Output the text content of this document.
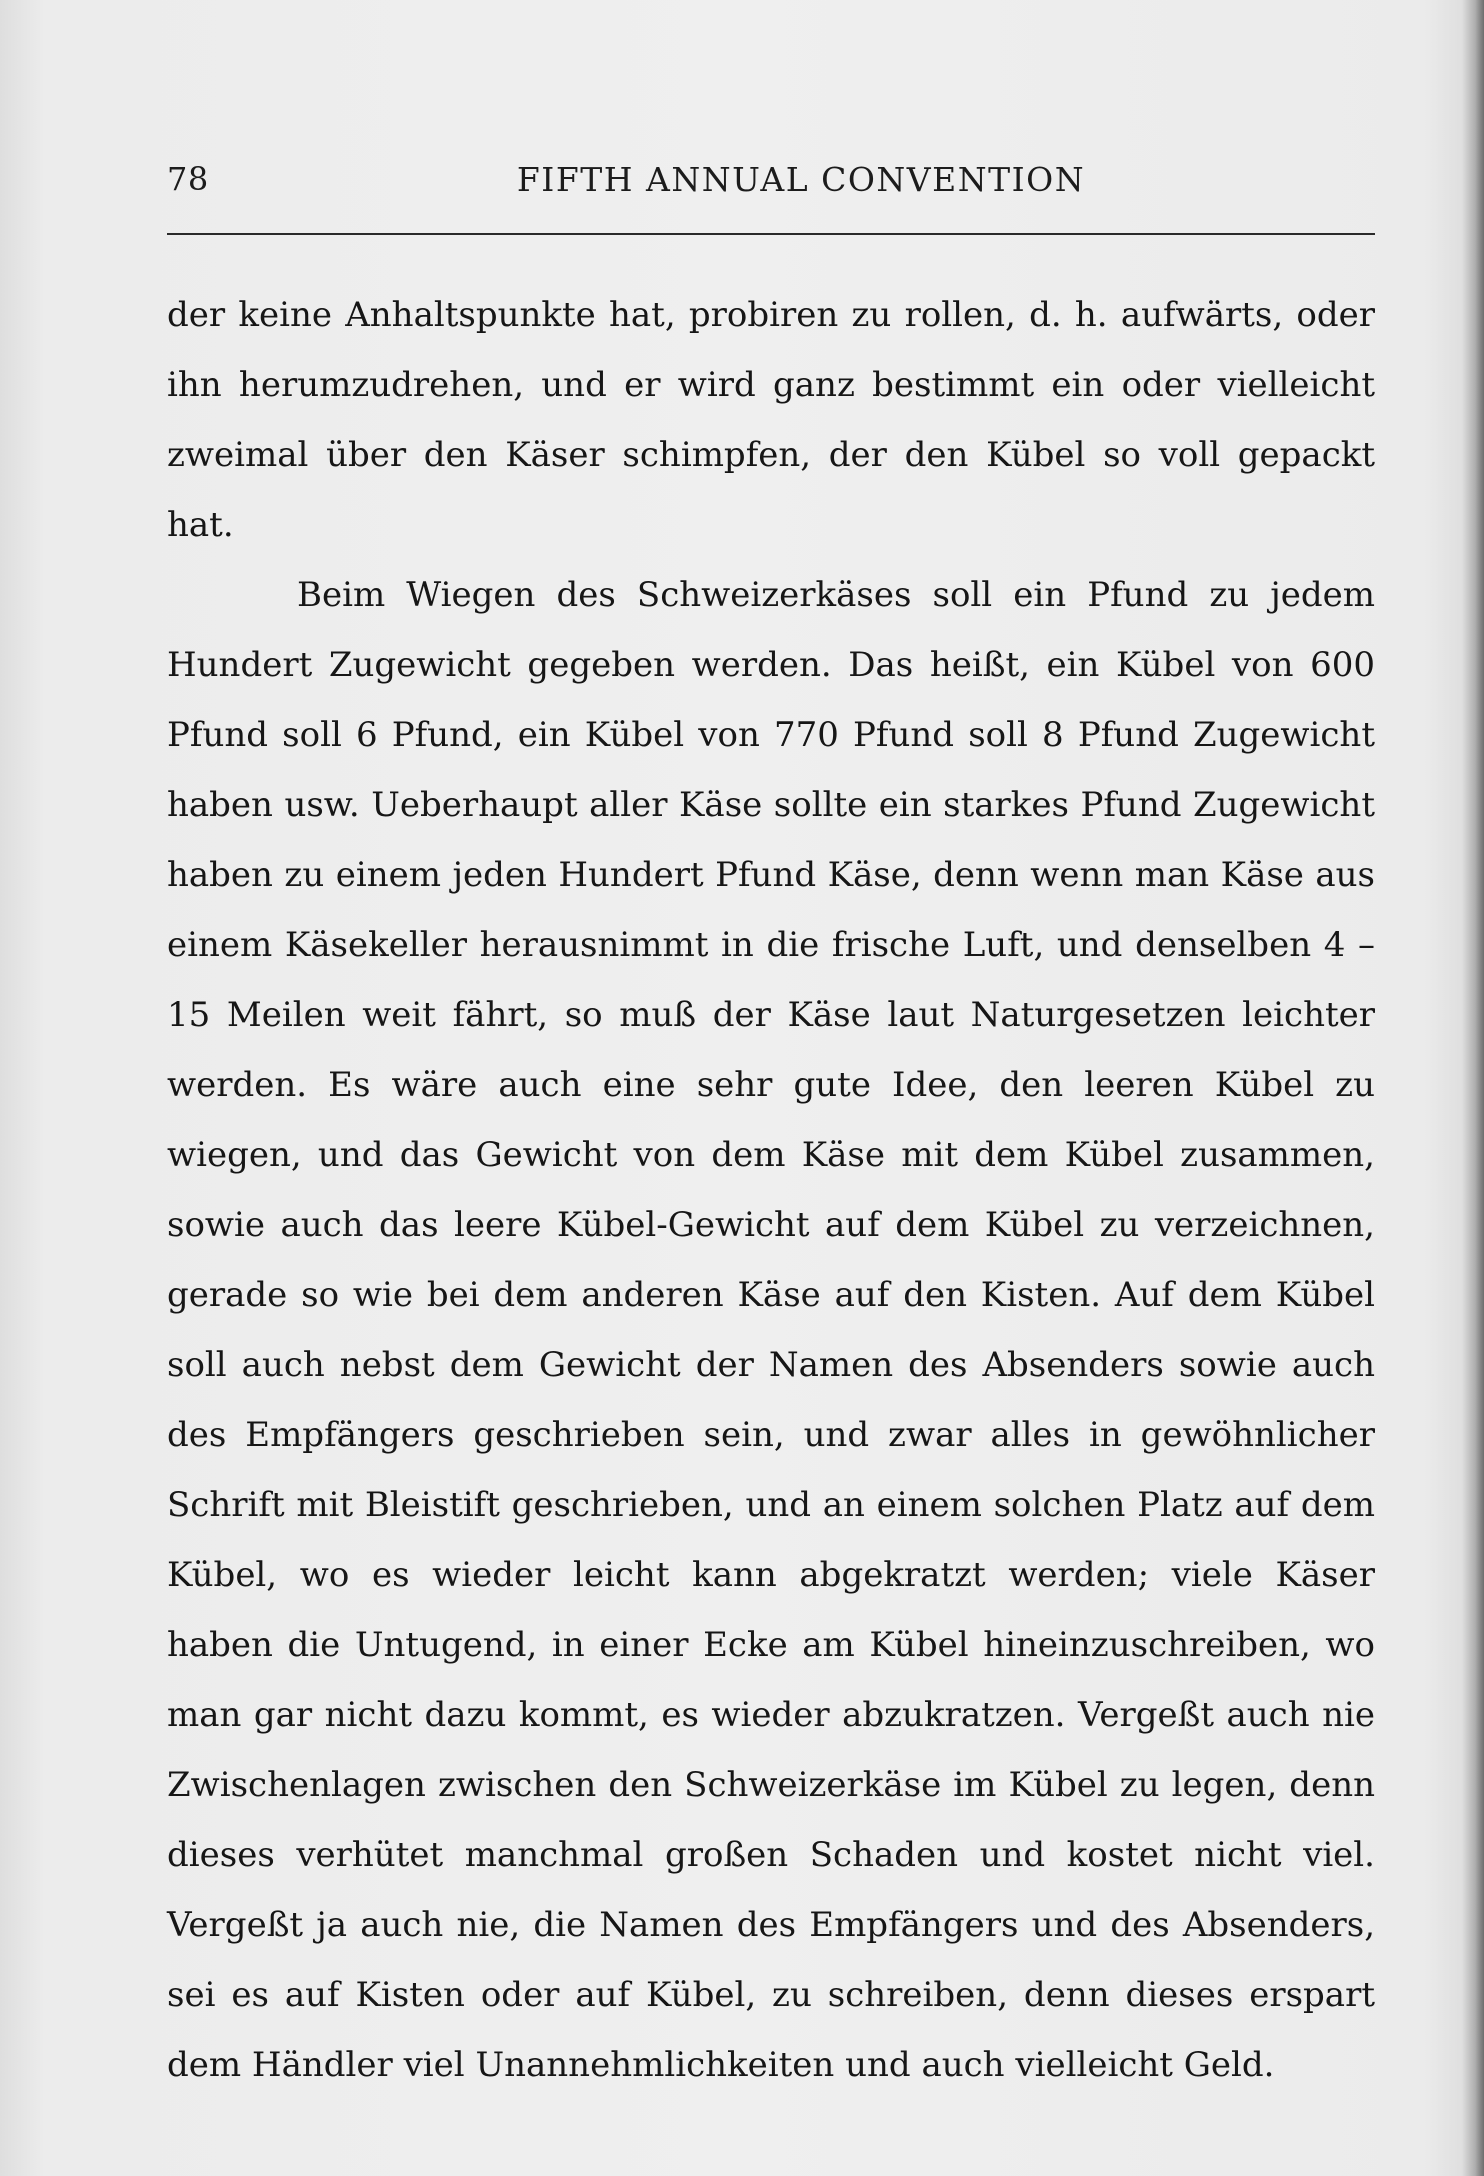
78	FIFTH ANNUAL CONVENTION

der keine Anhaltspunkte hat, probiren zu rollen, d. h. aufwärts, oder ihn herumzudrehen, und er wird ganz bestimmt ein oder vielleicht zweimal über den Käser schimpfen, der den Kübel so voll gepackt hat.

Beim Wiegen des Schweizerkäses soll ein Pfund zu jedem Hundert Zugewicht gegeben werden. Das heißt, ein Kübel von 600 Pfund soll 6 Pfund, ein Kübel von 770 Pfund soll 8 Pfund Zugewicht haben usw. Ueberhaupt aller Käse sollte ein starkes Pfund Zugewicht haben zu einem jeden Hundert Pfund Käse, denn wenn man Käse aus einem Käsekeller herausnimmt in die frische Luft, und denselben 4 –15 Meilen weit fährt, so muß der Käse laut Naturgesetzen leichter werden. Es wäre auch eine sehr gute Idee, den leeren Kübel zu wiegen, und das Gewicht von dem Käse mit dem Kübel zusammen, sowie auch das leere Kübel-Gewicht auf dem Kübel zu verzeichnen, gerade so wie bei dem anderen Käse auf den Kisten. Auf dem Kübel soll auch nebst dem Gewicht der Namen des Absenders sowie auch des Empfängers geschrieben sein, und zwar alles in gewöhnlicher Schrift mit Bleistift geschrieben, und an einem solchen Platz auf dem Kübel, wo es wieder leicht kann abgekratzt werden; viele Käser haben die Untugend, in einer Ecke am Kübel hineinzuschreiben, wo man gar nicht dazu kommt, es wieder abzukratzen. Vergeßt auch nie Zwischenlagen zwischen den Schweizerkäse im Kübel zu legen, denn dieses verhütet manchmal großen Schaden und kostet nicht viel. Vergeßt ja auch nie, die Namen des Empfängers und des Absenders, sei es auf Kisten oder auf Kübel, zu schreiben, denn dieses erspart dem Händler viel Unannehmlichkeiten und auch vielleicht Geld.
